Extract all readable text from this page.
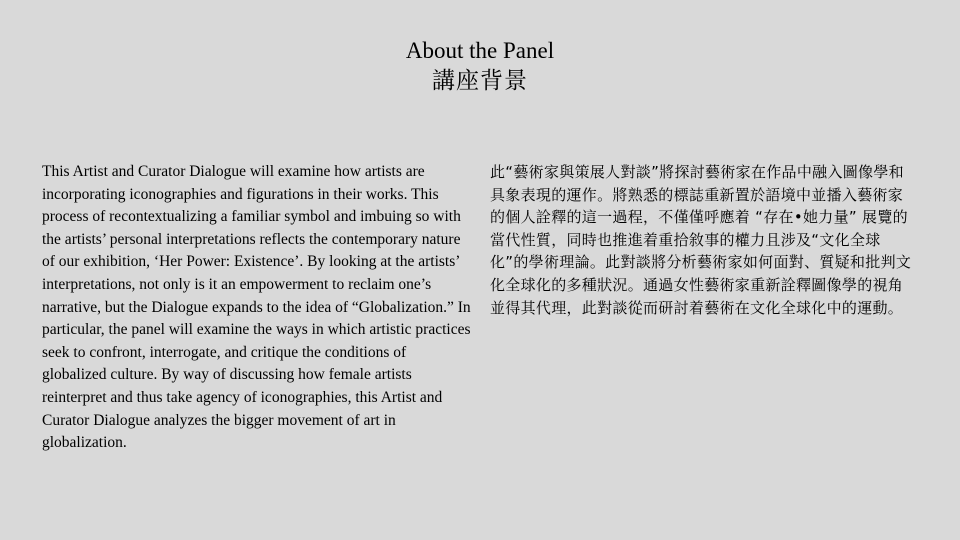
About the Panel
講座背景

This Artist and Curator Dialogue will examine how artists are incorporating iconographies and figurations in their works. This process of recontextualizing a familiar symbol and imbuing so with the artists’ personal interpretations reflects the contemporary nature of our exhibition, ‘Her Power: Existence’. By looking at the artists’ interpretations, not only is it an empowerment to reclaim one’s narrative, but the Dialogue expands to the idea of “Globalization.” In particular, the panel will examine the ways in which artistic practices seek to confront, interrogate, and critique the conditions of globalized culture. By way of discussing how female artists reinterpret and thus take agency of iconographies, this Artist and Curator Dialogue analyzes the bigger movement of art in globalization.

此“藝術家與策展人對談”將探討藝術家在作品中融入圖像學和具象表現的運作。將熟悉的標誌重新置於語境中並播入藝術家的個人詮釋的這一過程，不僅僅呼應着 “存在•她力量” 展覽的當代性質，同時也推進着重拾敘事的權力且涉及“文化全球化”的學術理論。此對談將分析藝術家如何面對、質疑和批判文化全球化的多種狀況。通過女性藝術家重新詮釋圖像學的視角並得其代理，此對談從而研討着藝術在文化全球化中的運動。
